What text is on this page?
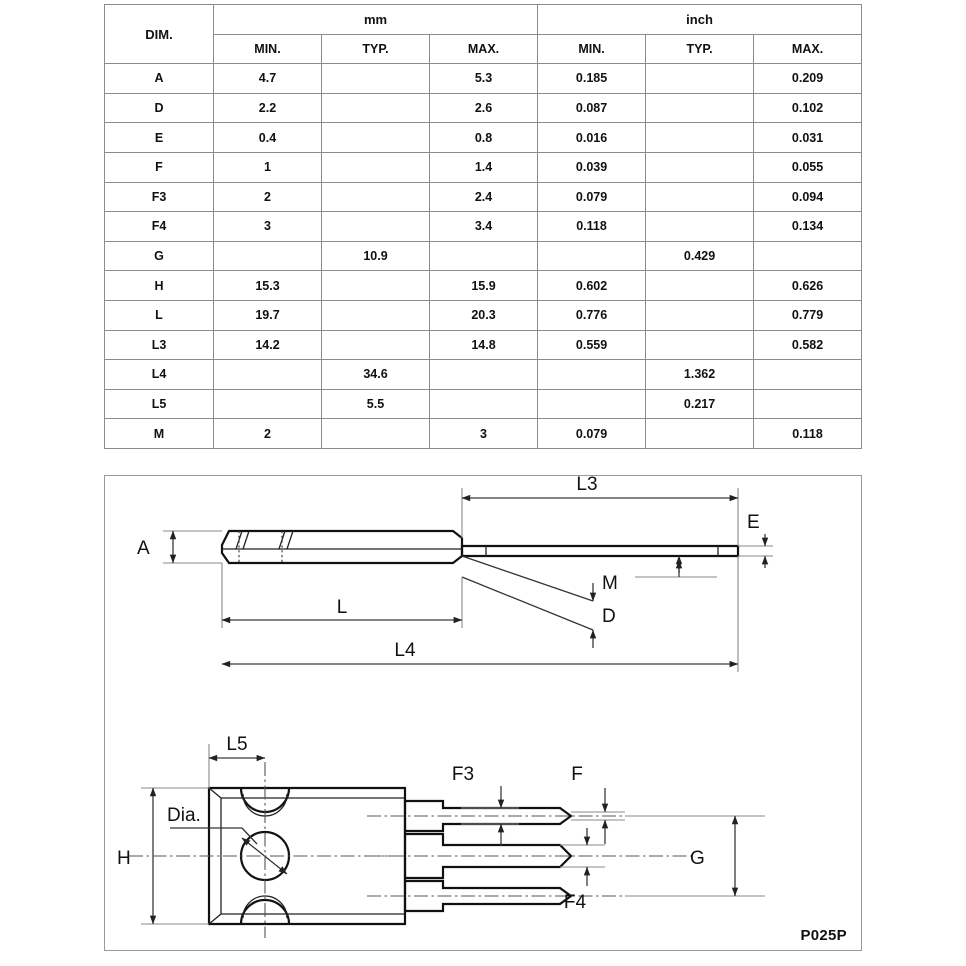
DIM.	mm			inch		
	MIN.	TYP.	MAX.	MIN.	TYP.	MAX.
A	4.7		5.3	0.185		0.209
D	2.2		2.6	0.087		0.102
E	0.4		0.8	0.016		0.031
F	1		1.4	0.039		0.055
F3	2		2.4	0.079		0.094
F4	3		3.4	0.118		0.134
G		10.9			0.429	
H	15.3		15.9	0.602		0.626
L	19.7		20.3	0.776		0.779
L3	14.2		14.8	0.559		0.582
L4		34.6			1.362	
L5		5.5			0.217	
M	2		3	0.079		0.118
A
L3
E
M
D
L
L4
L5
H
Dia.
F3	F
F4
G
P025P
